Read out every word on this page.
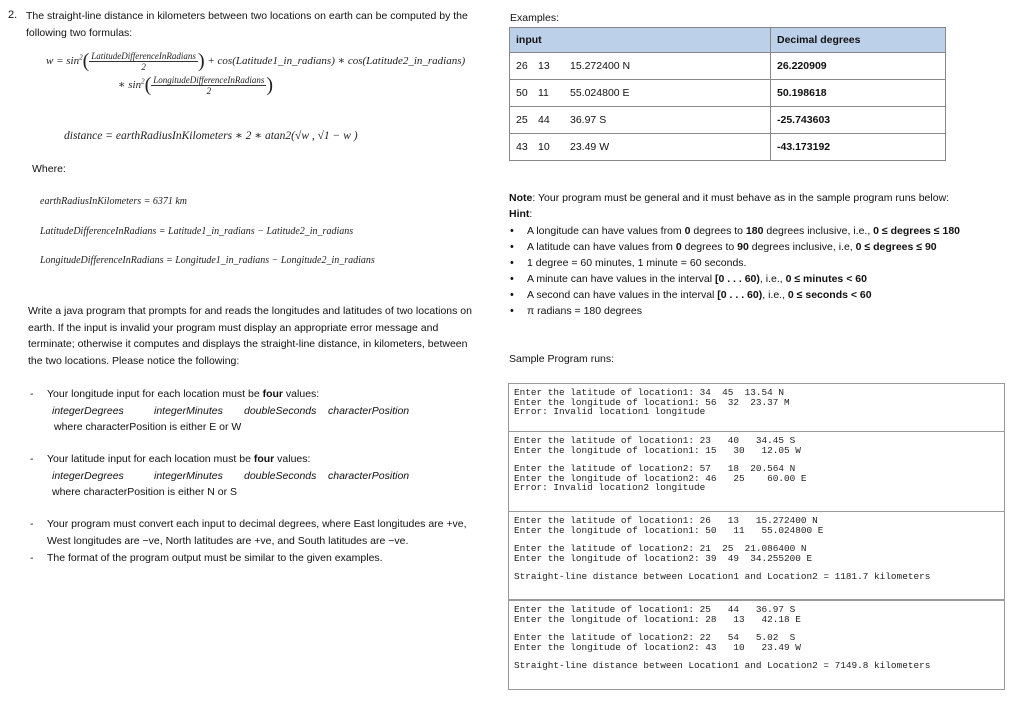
2. The straight-line distance in kilometers between two locations on earth can be computed by the
following two formulas:
$w = \sin^2( \frac{\text{LatitudeDifferenceInRadians}}{2}$ ) + cos(Latitude1_in_radians) ∗ cos(Latitude2_in_radians)
∗ $\sin^2( \frac{\text{LongitudeDifferenceInRadians}}{2}$ )
distance = earthRadiusInKilometers ∗ 2 ∗ atan2(√w , √1 − w )
Where:
earthRadiusInKilometers = 6371 km
LatitudeDifferenceInRadians = Latitude1_in_radians − Latitude2_in_radians
LongitudeDifferenceInRadians = Longitude1_in_radians − Longitude2_in_radians
Write a java program that prompts for and reads the longitudes and latitudes of two locations on
earth. If the input is invalid your program must display an appropriate error message and
terminate; otherwise it computes and displays the straight-line distance, in kilometers, between
the two locations. Please notice the following:
-	Your longitude input for each location must be four values:
integerDegrees	integerMinutes doubleSeconds characterPosition
where characterPosition is either E or W
-	Your latitude input for each location must be four values:
integerDegrees	integerMinutes doubleSeconds characterPosition
where characterPosition is either N or S
-	Your program must convert each input to decimal degrees, where East longitudes are +ve,
West longitudes are −ve, North latitudes are +ve, and South latitudes are −ve.
-	The format of the program output must be similar to the given examples.
Examples:
input	Decimal degrees
26 13 15.272400 N	26.220909
50 11 55.024800 E	50.198618
25 44 36.97 S	-25.743603
43 10 23.49 W	-43.173192
Note: Your program must be general and it must behave as in the sample program runs below:
Hint:
• A longitude can have values from 0 degrees to 180 degrees inclusive, i.e., 0 ≤ degrees ≤ 180
• A latitude can have values from 0 degrees to 90 degrees inclusive, i.e, 0 ≤ degrees ≤ 90
• 1 degree = 60 minutes, 1 minute = 60 seconds.
• A minute can have values in the interval [0 . . . 60), i.e., 0 ≤ minutes < 60
• A second can have values in the interval [0 . . . 60), i.e., 0 ≤ seconds < 60
• π radians = 180 degrees
Sample Program runs:
Enter the latitude of location1: 34  45  13.54 N
Enter the longitude of location1: 56  32  23.37 M
Error: Invalid location1 longitude
Enter the latitude of location1: 23   40   34.45 S
Enter the longitude of location1: 15   30   12.05 W
Enter the latitude of location2: 57   18  20.564 N
Enter the longitude of location2: 46   25    60.00 E
Error: Invalid location2 longitude
Enter the latitude of location1: 26   13   15.272400 N
Enter the longitude of location1: 50   11   55.024800 E
Enter the latitude of location2: 21  25  21.086400 N
Enter the longitude of location2: 39  49  34.255200 E
Straight-line distance between Location1 and Location2 = 1181.7 kilometers
Enter the latitude of location1: 25   44   36.97 S
Enter the longitude of location1: 28   13   42.18 E
Enter the latitude of location2: 22   54   5.02  S
Enter the longitude of location2: 43   10   23.49 W
Straight-line distance between Location1 and Location2 = 7149.8 kilometers
